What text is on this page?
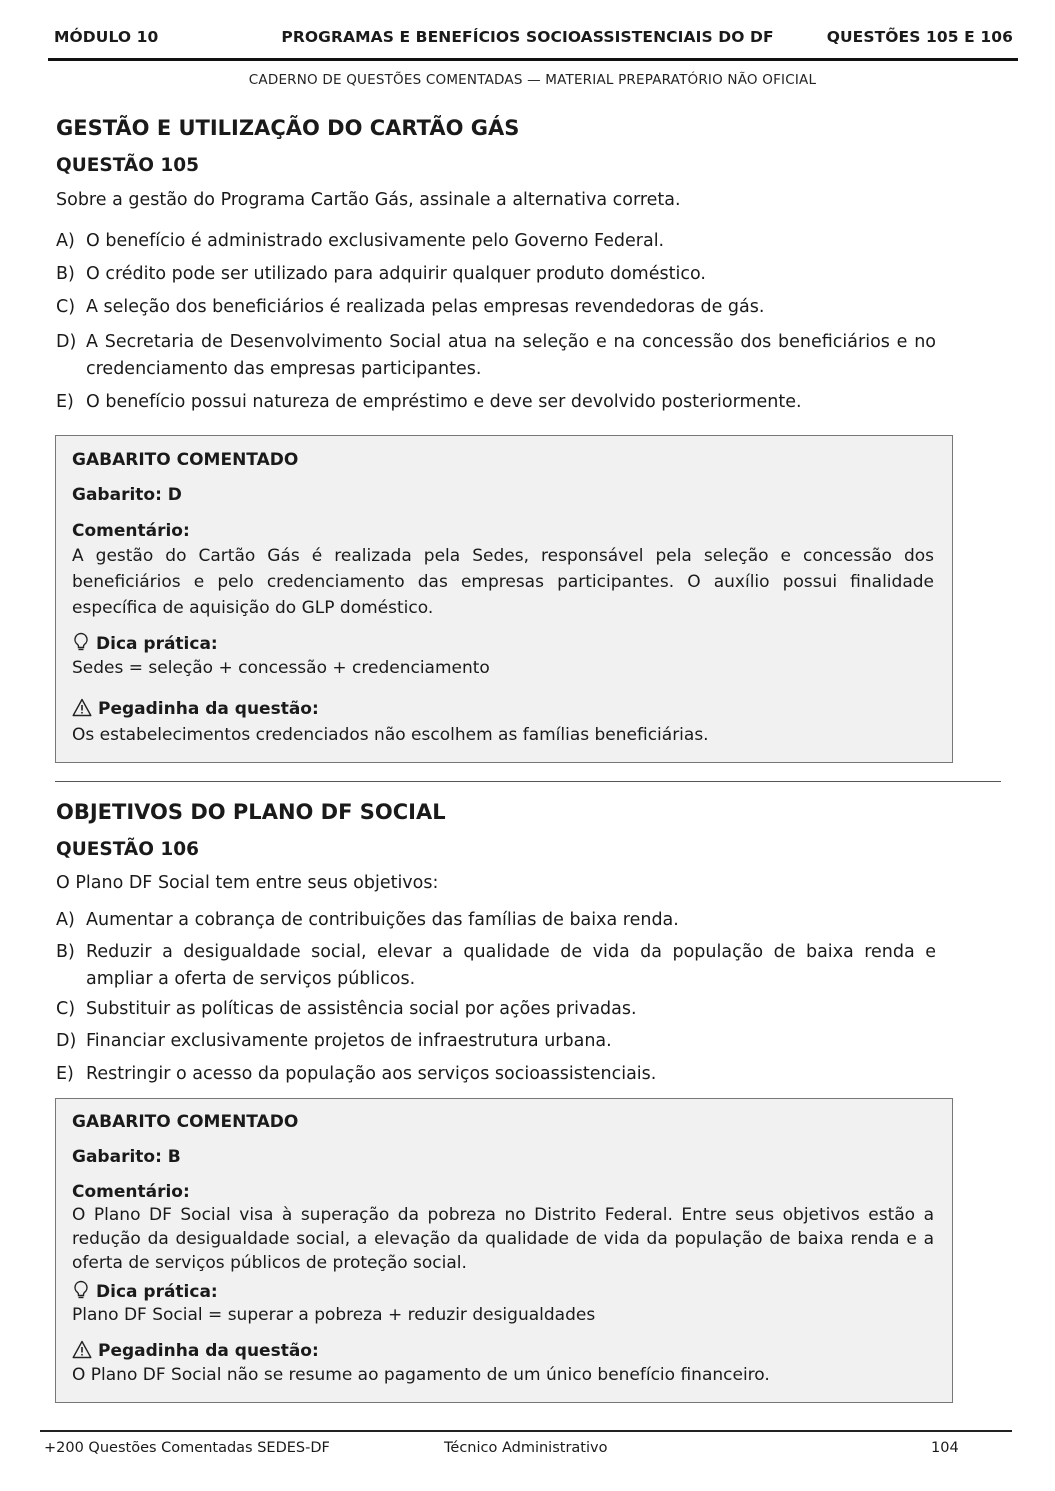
MÓDULO 10	PROGRAMAS E BENEFÍCIOS SOCIOASSISTENCIAIS DO DF	QUESTÕES 105 E 106
CADERNO DE QUESTÕES COMENTADAS — MATERIAL PREPARATÓRIO NÃO OFICIAL
GESTÃO E UTILIZAÇÃO DO CARTÃO GÁS
QUESTÃO 105
Sobre a gestão do Programa Cartão Gás, assinale a alternativa correta.
A) O benefício é administrado exclusivamente pelo Governo Federal.
B) O crédito pode ser utilizado para adquirir qualquer produto doméstico.
C) A seleção dos beneficiários é realizada pelas empresas revendedoras de gás.
D) A Secretaria de Desenvolvimento Social atua na seleção e na concessão dos beneficiários e no credenciamento das empresas participantes.
E) O benefício possui natureza de empréstimo e deve ser devolvido posteriormente.
GABARITO COMENTADO
Gabarito: D
Comentário:
A gestão do Cartão Gás é realizada pela Sedes, responsável pela seleção e concessão dos beneficiários e pelo credenciamento das empresas participantes. O auxílio possui finalidade específica de aquisição do GLP doméstico.
Dica prática:
Sedes = seleção + concessão + credenciamento
Pegadinha da questão:
Os estabelecimentos credenciados não escolhem as famílias beneficiárias.
OBJETIVOS DO PLANO DF SOCIAL
QUESTÃO 106
O Plano DF Social tem entre seus objetivos:
A) Aumentar a cobrança de contribuições das famílias de baixa renda.
B) Reduzir a desigualdade social, elevar a qualidade de vida da população de baixa renda e ampliar a oferta de serviços públicos.
C) Substituir as políticas de assistência social por ações privadas.
D) Financiar exclusivamente projetos de infraestrutura urbana.
E) Restringir o acesso da população aos serviços socioassistenciais.
GABARITO COMENTADO
Gabarito: B
Comentário:
O Plano DF Social visa à superação da pobreza no Distrito Federal. Entre seus objetivos estão a redução da desigualdade social, a elevação da qualidade de vida da população de baixa renda e a oferta de serviços públicos de proteção social.
Dica prática:
Plano DF Social = superar a pobreza + reduzir desigualdades
Pegadinha da questão:
O Plano DF Social não se resume ao pagamento de um único benefício financeiro.
+200 Questões Comentadas SEDES-DF	Técnico Administrativo	104
